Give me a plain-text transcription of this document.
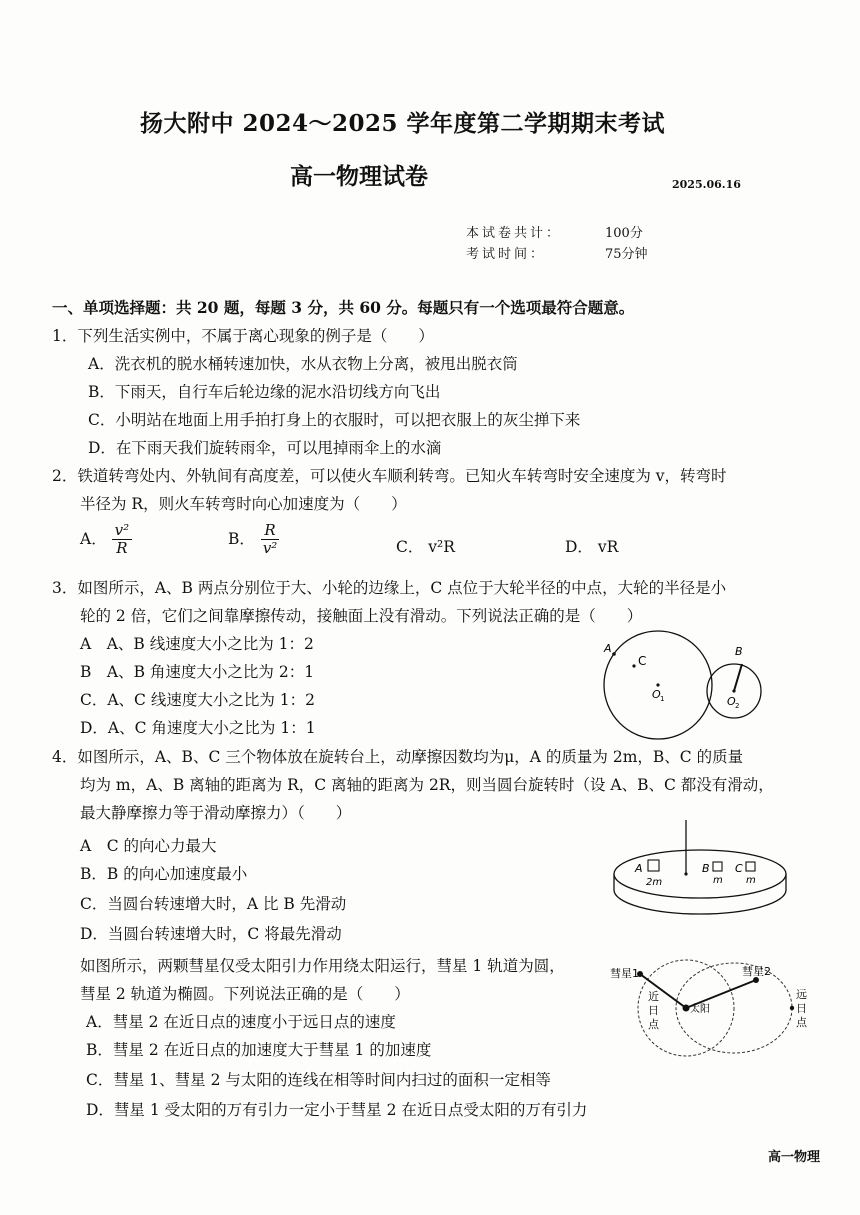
扬大附中 2024～2025 学年度第二学期期末考试
高一物理试卷	2025.06.16
本试卷共计：	100分
考试时间：	75分钟
一、单项选择题：共 20 题，每题 3 分，共 60 分。每题只有一个选项最符合题意。
1．下列生活实例中，不属于离心现象的例子是（　　）
A．洗衣机的脱水桶转速加快，水从衣物上分离，被甩出脱衣筒
B．下雨天，自行车后轮边缘的泥水沿切线方向飞出
C．小明站在地面上用手拍打身上的衣服时，可以把衣服上的灰尘掸下来
D．在下雨天我们旋转雨伞，可以甩掉雨伞上的水滴
2．铁道转弯处内、外轨间有高度差，可以使火车顺利转弯。已知火车转弯时安全速度为 v，转弯时
半径为 R，则火车转弯时向心加速度为（　　）
A． $\frac{\text{v²}}{R}$	B． $\frac{R}{\text{v²}}$	C． v²R	D． vR
3．如图所示，A、B 两点分别位于大、小轮的边缘上，C 点位于大轮半径的中点，大轮的半径是小
轮的 2 倍，它们之间靠摩擦传动，接触面上没有滑动。下列说法正确的是（　　）
A　A、B 线速度大小之比为 1：2
B　A、B 角速度大小之比为 2：1
C．A、C 线速度大小之比为 1：2
D．A、C 角速度大小之比为 1：1
A
C
B
O 1	O 2
4．如图所示，A、B、C 三个物体放在旋转台上，动摩擦因数均为μ，A 的质量为 2m，B、C 的质量
均为 m，A、B 离轴的距离为 R，C 离轴的距离为 2R，则当圆台旋转时（设 A、B、C 都没有滑动，
最大静摩擦力等于滑动摩擦力）（　　）
A　C 的向心力最大
B．B 的向心加速度最小
C．当圆台转速增大时，A 比 B 先滑动
D．当圆台转速增大时，C 将最先滑动
A	B C
2m	m m
如图所示，两颗彗星仅受太阳引力作用绕太阳运行，彗星 1 轨道为圆，
彗星 2 轨道为椭圆。下列说法正确的是（　　）
A．彗星 2 在近日点的速度小于远日点的速度
B．彗星 2 在近日点的加速度大于彗星 1 的加速度
C．彗星 1、彗星 2 与太阳的连线在相等时间内扫过的面积一定相等
D．彗星 1 受太阳的万有引力一定小于彗星 2 在近日点受太阳的万有引力
彗星1	彗星2
太阳
近
日
点
远
日
点
高一物理
